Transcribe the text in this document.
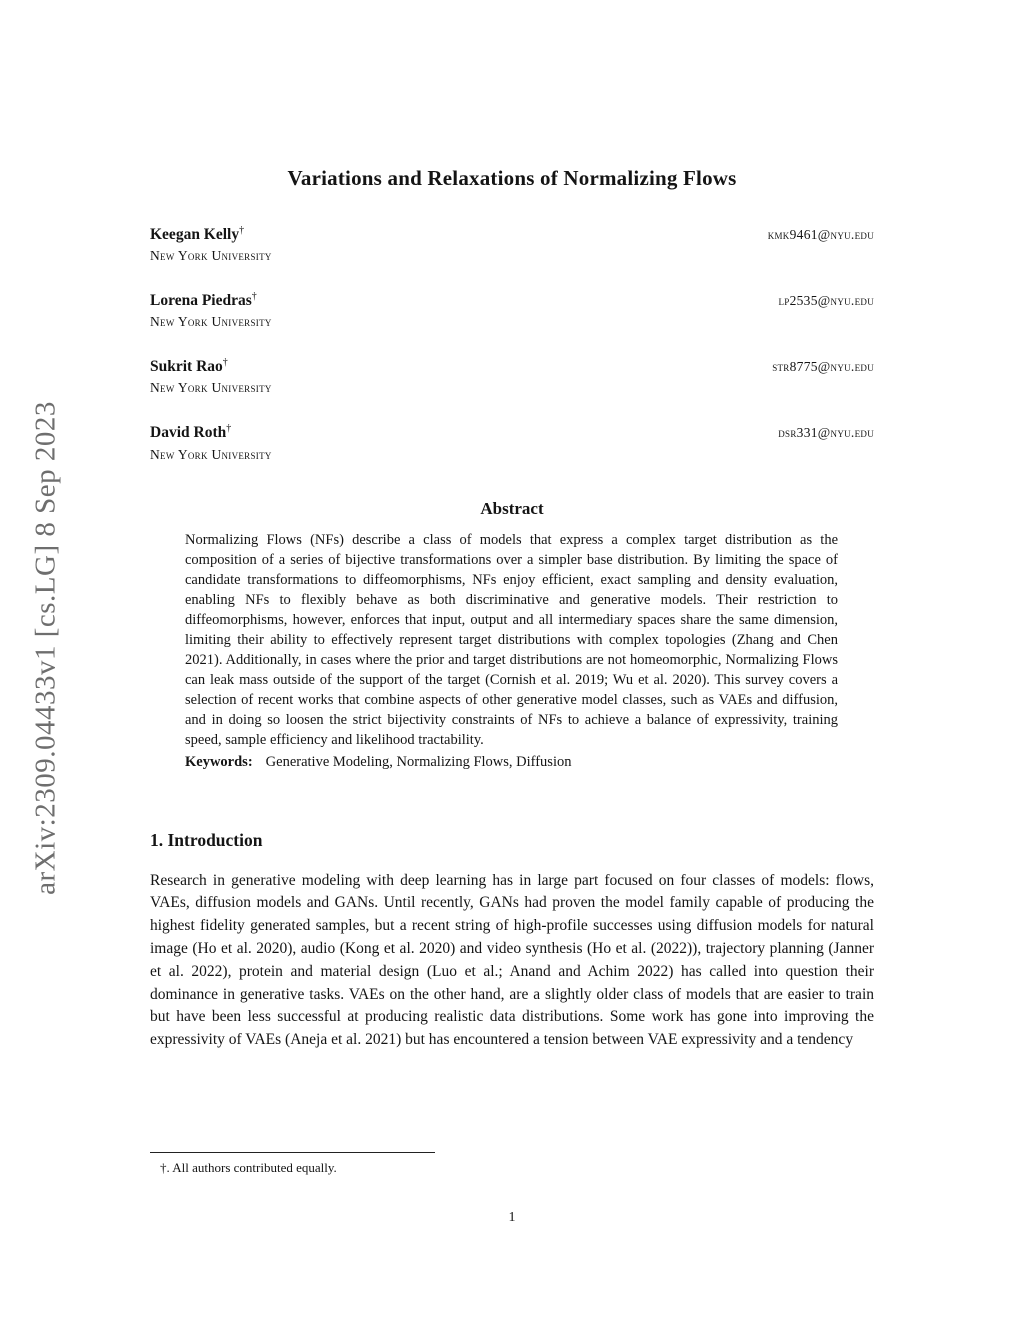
arXiv:2309.04433v1 [cs.LG] 8 Sep 2023
Variations and Relaxations of Normalizing Flows
Keegan Kelly†
New York University
kmk9461@nyu.edu
Lorena Piedras†
New York University
lp2535@nyu.edu
Sukrit Rao†
New York University
str8775@nyu.edu
David Roth†
New York University
dsr331@nyu.edu
Abstract
Normalizing Flows (NFs) describe a class of models that express a complex target distribution as the composition of a series of bijective transformations over a simpler base distribution. By limiting the space of candidate transformations to diffeomorphisms, NFs enjoy efficient, exact sampling and density evaluation, enabling NFs to flexibly behave as both discriminative and generative models. Their restriction to diffeomorphisms, however, enforces that input, output and all intermediary spaces share the same dimension, limiting their ability to effectively represent target distributions with complex topologies (Zhang and Chen 2021). Additionally, in cases where the prior and target distributions are not homeomorphic, Normalizing Flows can leak mass outside of the support of the target (Cornish et al. 2019; Wu et al. 2020). This survey covers a selection of recent works that combine aspects of other generative model classes, such as VAEs and diffusion, and in doing so loosen the strict bijectivity constraints of NFs to achieve a balance of expressivity, training speed, sample efficiency and likelihood tractability.
Keywords: Generative Modeling, Normalizing Flows, Diffusion
1. Introduction

Research in generative modeling with deep learning has in large part focused on four classes of models: flows, VAEs, diffusion models and GANs. Until recently, GANs had proven the model family capable of producing the highest fidelity generated samples, but a recent string of high-profile successes using diffusion models for natural image (Ho et al. 2020), audio (Kong et al. 2020) and video synthesis (Ho et al. (2022)), trajectory planning (Janner et al. 2022), protein and material design (Luo et al.; Anand and Achim 2022) has called into question their dominance in generative tasks. VAEs on the other hand, are a slightly older class of models that are easier to train but have been less successful at producing realistic data distributions. Some work has gone into improving the expressivity of VAEs (Aneja et al. 2021) but has encountered a tension between VAE expressivity and a tendency

†. All authors contributed equally.
1
